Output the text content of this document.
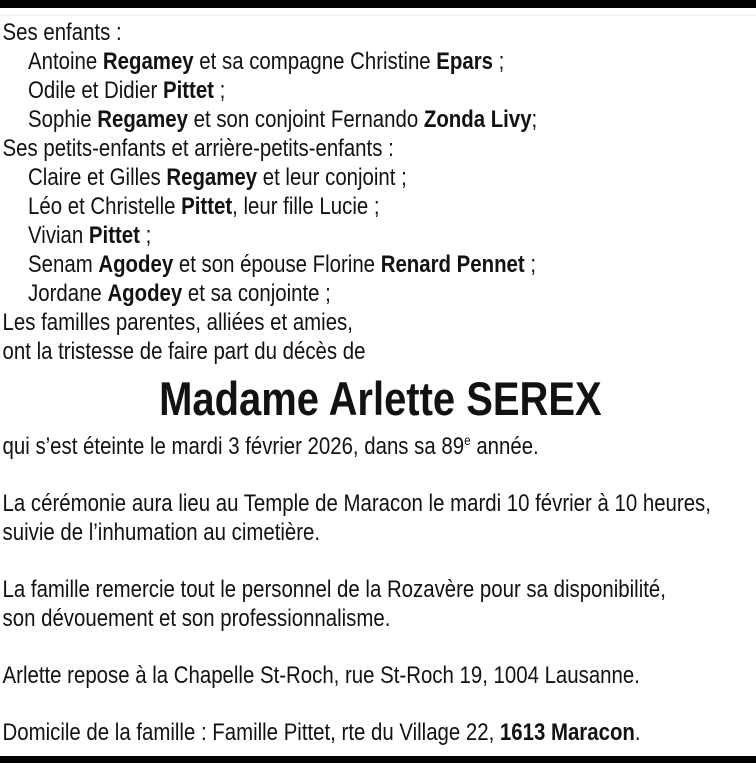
Ses enfants :
Antoine Regamey et sa compagne Christine Epars ;
Odile et Didier Pittet ;
Sophie Regamey et son conjoint Fernando Zonda Livy;
Ses petits-enfants et arrière-petits-enfants :
Claire et Gilles Regamey et leur conjoint ;
Léo et Christelle Pittet, leur fille Lucie ;
Vivian Pittet ;
Senam Agodey et son épouse Florine Renard Pennet ;
Jordane Agodey et sa conjointe ;
Les familles parentes, alliées et amies,
ont la tristesse de faire part du décès de
Madame Arlette SEREX
qui s’est éteinte le mardi 3 février 2026, dans sa 89e année.
La cérémonie aura lieu au Temple de Maracon le mardi 10 février à 10 heures,
suivie de l’inhumation au cimetière.
La famille remercie tout le personnel de la Rozavère pour sa disponibilité,
son dévouement et son professionnalisme.
Arlette repose à la Chapelle St-Roch, rue St-Roch 19, 1004 Lausanne.
Domicile de la famille : Famille Pittet, rte du Village 22, 1613 Maracon.
